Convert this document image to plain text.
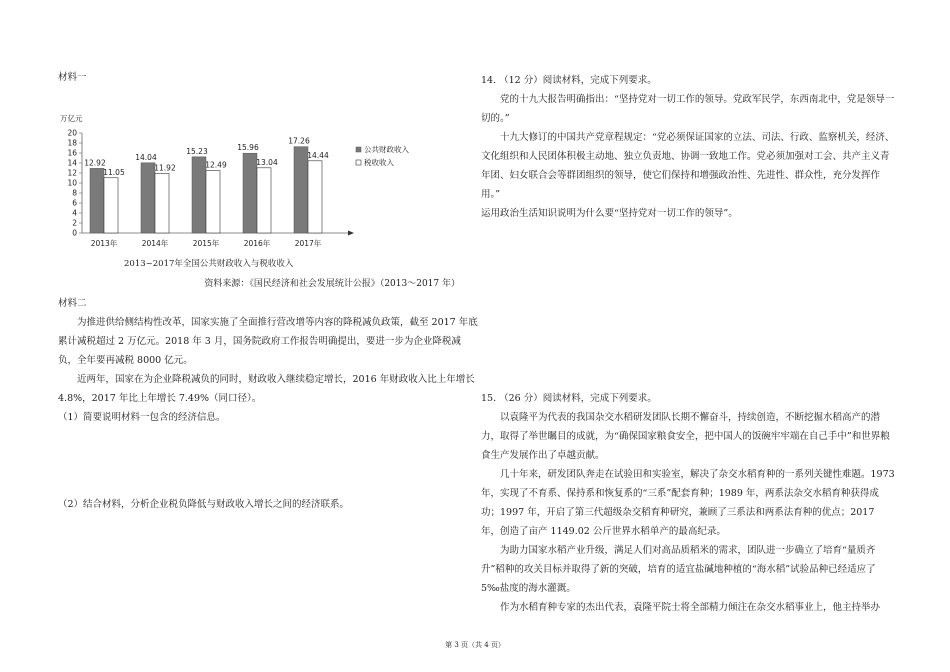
材料一

万亿元
0
2
4
6
8
10
12
14
16
18
20
12.92
11.05
2013年
14.04
11.92
2014年
15.23
12.49
2015年
15.96
13.04
2016年
17.26
14.44
2017年
公共财政收入
税收收入
2013~2017年全国公共财政收入与税收收入

资料来源：《国民经济和社会发展统计公报》（2013～2017 年）

材料二

为推进供给侧结构性改革，国家实施了全面推行营改增等内容的降税减负政策，截至 2017 年底累计减税超过 2 万亿元。2018 年 3 月，国务院政府工作报告明确提出，要进一步为企业降税减负，全年要再减税 8000 亿元。

近两年，国家在为企业降税减负的同时，财政收入继续稳定增长，2016 年财政收入比上年增长 4.8%，2017 年比上年增长 7.49%（同口径）。

（1）简要说明材料一包含的经济信息。

（2）结合材料，分析企业税负降低与财政收入增长之间的经济联系。

14. （12 分）阅读材料，完成下列要求。

党的十九大报告明确指出：“坚持党对一切工作的领导。党政军民学，东西南北中，党是领导一切的。”

十九大修订的中国共产党章程规定：“党必须保证国家的立法、司法、行政、监察机关，经济、文化组织和人民团体积极主动地、独立负责地、协调一致地工作。党必须加强对工会、共产主义青年团、妇女联合会等群团组织的领导，使它们保持和增强政治性、先进性、群众性，充分发挥作用。”

运用政治生活知识说明为什么要“坚持党对一切工作的领导”。

15. （26 分）阅读材料，完成下列要求。

以袁隆平为代表的我国杂交水稻研发团队长期不懈奋斗，持续创造，不断挖掘水稻高产的潜力，取得了举世瞩目的成就，为“确保国家粮食安全，把中国人的饭碗牢牢端在自己手中”和世界粮食生产发展作出了卓越贡献。

几十年来，研发团队奔走在试验田和实验室，解决了杂交水稻育种的一系列关键性难题。1973 年，实现了不育系、保持系和恢复系的“三系”配套育种；1989 年，两系法杂交水稻育种获得成功；1997 年，开启了第三代超级杂交稻育种研究，兼顾了三系法和两系法育种的优点；2017 年，创造了亩产 1149.02 公斤世界水稻单产的最高纪录。

为助力国家水稻产业升级，满足人们对高品质稻米的需求，团队进一步确立了培育“量质齐升”稻种的攻关目标并取得了新的突破，培育的适宜盐碱地种植的“海水稻”试验品种已经适应了 5‰盐度的海水灌溉。

作为水稻育种专家的杰出代表，袁隆平院士将全部精力倾注在杂交水稻事业上，他主持举办

第 3 页（共 4 页）
